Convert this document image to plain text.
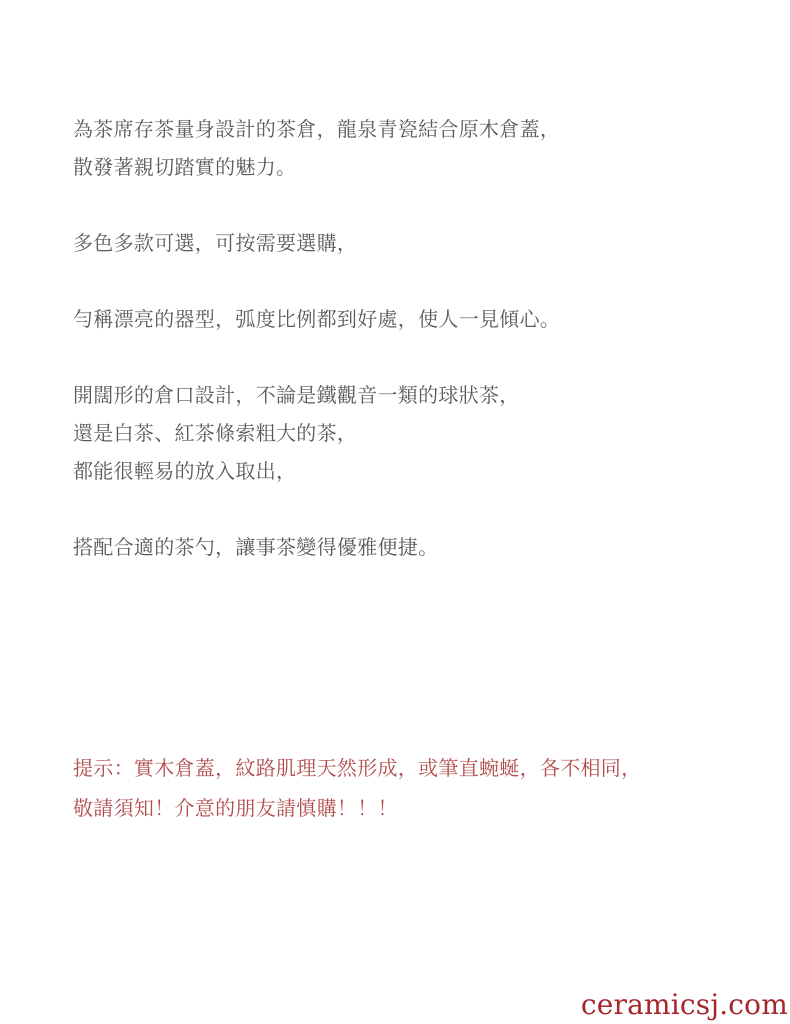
為茶席存茶量身設計的茶倉，龍泉青瓷結合原木倉蓋，
散發著親切踏實的魅力。

多色多款可選，可按需要選購，

勻稱漂亮的器型，弧度比例都到好處，使人一見傾心。

開闊形的倉口設計，不論是鐵觀音一類的球狀茶，
還是白茶、紅茶條索粗大的茶，
都能很輕易的放入取出，

搭配合適的茶勺，讓事茶變得優雅便捷。

提示：實木倉蓋，紋路肌理天然形成，或筆直蜿蜒，各不相同，
敬請須知！介意的朋友請慎購！！！
ceramicsj.com
